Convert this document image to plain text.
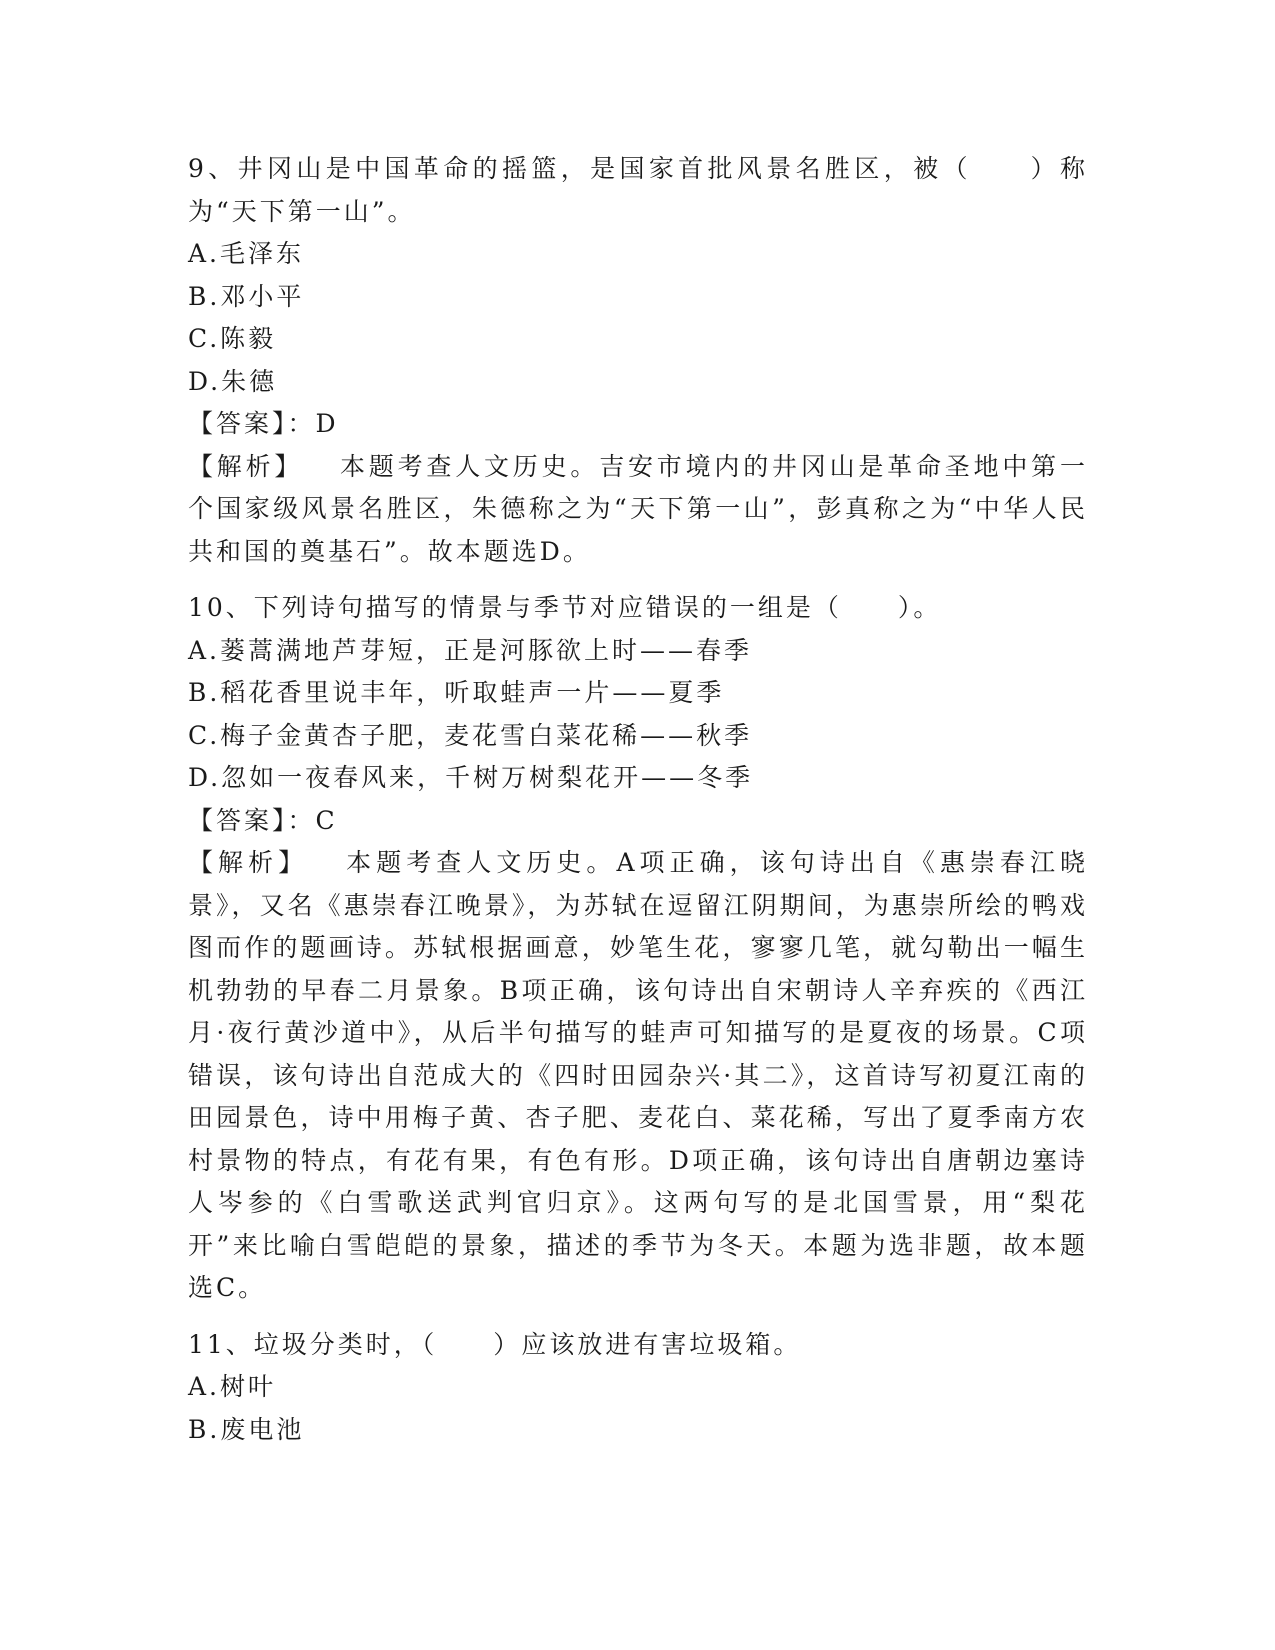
9、井冈山是中国革命的摇篮，是国家首批风景名胜区，被（　　）称为“天下第一山”。

A.毛泽东

B.邓小平

C.陈毅

D.朱德

【答案】：D

【解析】 本题考查人文历史。吉安市境内的井冈山是革命圣地中第一个国家级风景名胜区，朱德称之为“天下第一山”，彭真称之为“中华人民共和国的奠基石”。故本题选D。

10、下列诗句描写的情景与季节对应错误的一组是（　　）。

A.蒌蒿满地芦芽短，正是河豚欲上时——春季

B.稻花香里说丰年，听取蛙声一片——夏季

C.梅子金黄杏子肥，麦花雪白菜花稀——秋季

D.忽如一夜春风来，千树万树梨花开——冬季

【答案】：C

【解析】 本题考查人文历史。A项正确，该句诗出自《惠崇春江晓景》，又名《惠崇春江晚景》，为苏轼在逗留江阴期间，为惠崇所绘的鸭戏图而作的题画诗。苏轼根据画意，妙笔生花，寥寥几笔，就勾勒出一幅生机勃勃的早春二月景象。B项正确，该句诗出自宋朝诗人辛弃疾的《西江月·夜行黄沙道中》，从后半句描写的蛙声可知描写的是夏夜的场景。C项错误，该句诗出自范成大的《四时田园杂兴·其二》，这首诗写初夏江南的田园景色，诗中用梅子黄、杏子肥、麦花白、菜花稀，写出了夏季南方农村景物的特点，有花有果，有色有形。D项正确，该句诗出自唐朝边塞诗人岑参的《白雪歌送武判官归京》。这两句写的是北国雪景，用“梨花开”来比喻白雪皑皑的景象，描述的季节为冬天。本题为选非题，故本题选C。

11、垃圾分类时，（　　）应该放进有害垃圾箱。

A.树叶

B.废电池
